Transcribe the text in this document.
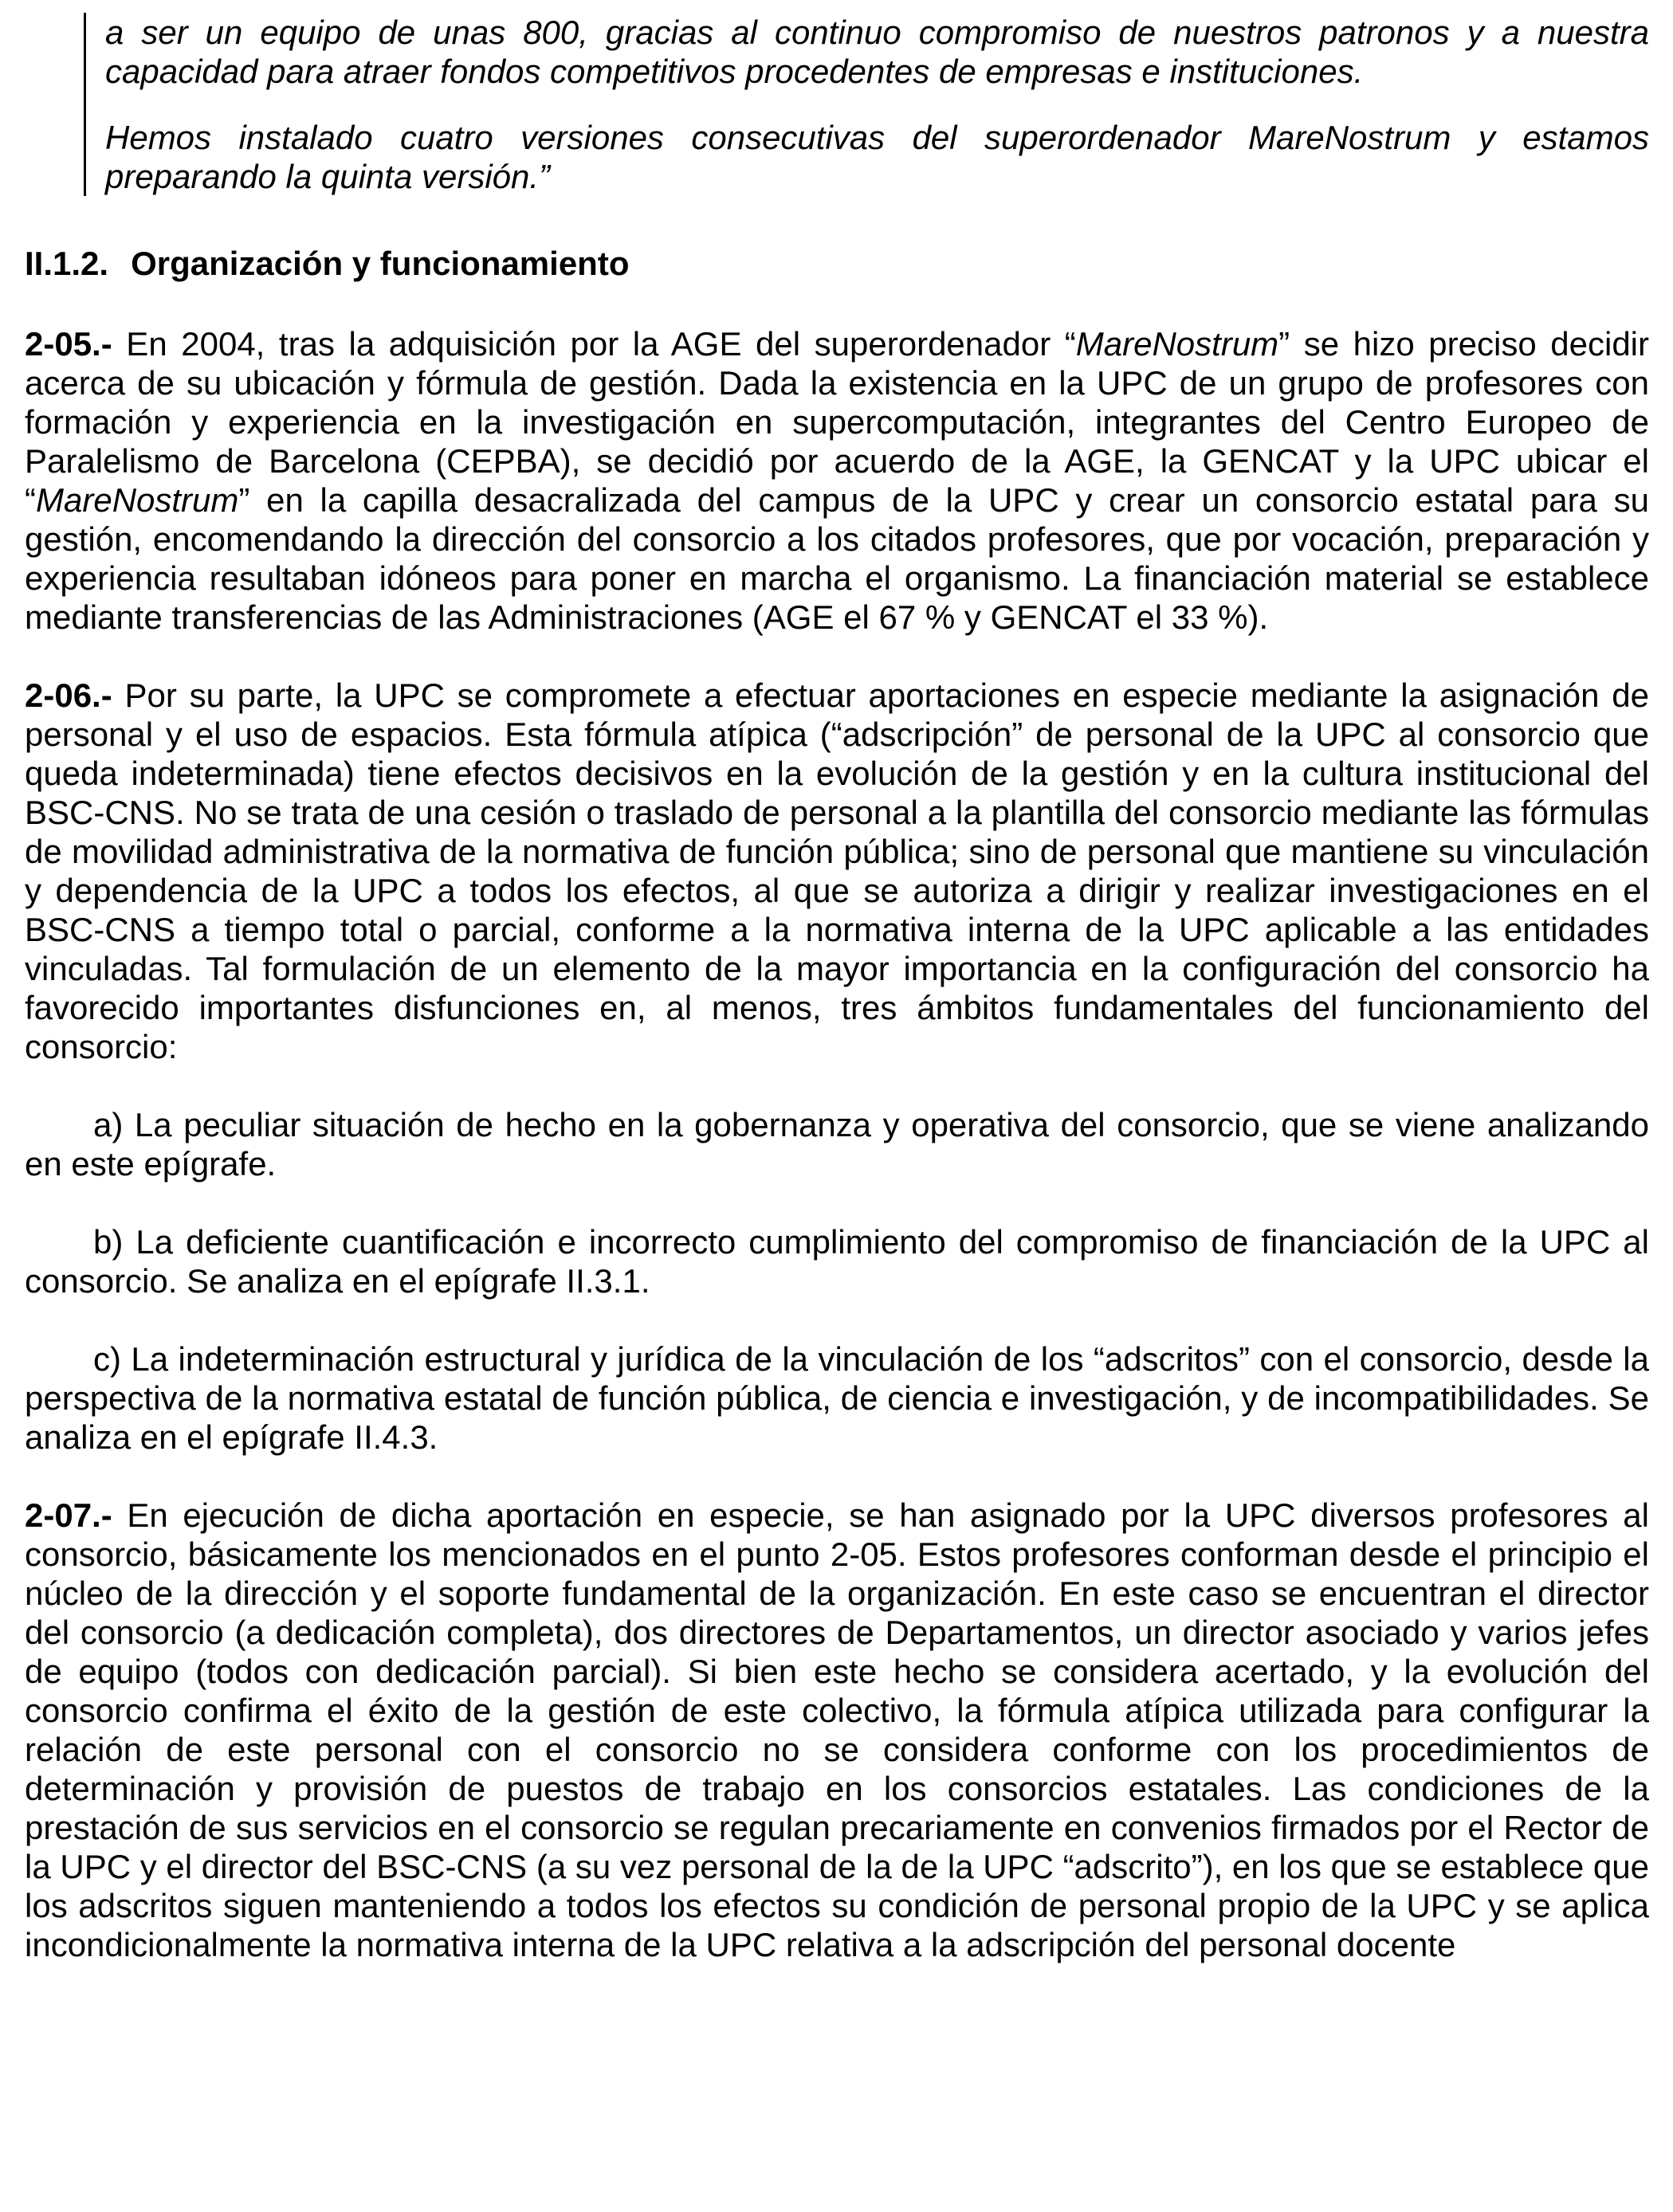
a ser un equipo de unas 800, gracias al continuo compromiso de nuestros patronos y a nuestra capacidad para atraer fondos competitivos procedentes de empresas e instituciones.

Hemos instalado cuatro versiones consecutivas del superordenador MareNostrum y estamos preparando la quinta versión.”

II.1.2. Organización y funcionamiento

2-05.- En 2004, tras la adquisición por la AGE del superordenador “MareNostrum” se hizo preciso decidir acerca de su ubicación y fórmula de gestión. Dada la existencia en la UPC de un grupo de profesores con formación y experiencia en la investigación en supercomputación, integrantes del Centro Europeo de Paralelismo de Barcelona (CEPBA), se decidió por acuerdo de la AGE, la GENCAT y la UPC ubicar el “MareNostrum” en la capilla desacralizada del campus de la UPC y crear un consorcio estatal para su gestión, encomendando la dirección del consorcio a los citados profesores, que por vocación, preparación y experiencia resultaban idóneos para poner en marcha el organismo. La financiación material se establece mediante transferencias de las Administraciones (AGE el 67 % y GENCAT el 33 %).

2-06.- Por su parte, la UPC se compromete a efectuar aportaciones en especie mediante la asignación de personal y el uso de espacios. Esta fórmula atípica (“adscripción” de personal de la UPC al consorcio que queda indeterminada) tiene efectos decisivos en la evolución de la gestión y en la cultura institucional del BSC-CNS. No se trata de una cesión o traslado de personal a la plantilla del consorcio mediante las fórmulas de movilidad administrativa de la normativa de función pública; sino de personal que mantiene su vinculación y dependencia de la UPC a todos los efectos, al que se autoriza a dirigir y realizar investigaciones en el BSC-CNS a tiempo total o parcial, conforme a la normativa interna de la UPC aplicable a las entidades vinculadas. Tal formulación de un elemento de la mayor importancia en la configuración del consorcio ha favorecido importantes disfunciones en, al menos, tres ámbitos fundamentales del funcionamiento del consorcio:

a) La peculiar situación de hecho en la gobernanza y operativa del consorcio, que se viene analizando en este epígrafe.

b) La deficiente cuantificación e incorrecto cumplimiento del compromiso de financiación de la UPC al consorcio. Se analiza en el epígrafe II.3.1.

c) La indeterminación estructural y jurídica de la vinculación de los “adscritos” con el consorcio, desde la perspectiva de la normativa estatal de función pública, de ciencia e investigación, y de incompatibilidades. Se analiza en el epígrafe II.4.3.

2-07.- En ejecución de dicha aportación en especie, se han asignado por la UPC diversos profesores al consorcio, básicamente los mencionados en el punto 2-05. Estos profesores conforman desde el principio el núcleo de la dirección y el soporte fundamental de la organización. En este caso se encuentran el director del consorcio (a dedicación completa), dos directores de Departamentos, un director asociado y varios jefes de equipo (todos con dedicación parcial). Si bien este hecho se considera acertado, y la evolución del consorcio confirma el éxito de la gestión de este colectivo, la fórmula atípica utilizada para configurar la relación de este personal con el consorcio no se considera conforme con los procedimientos de determinación y provisión de puestos de trabajo en los consorcios estatales. Las condiciones de la prestación de sus servicios en el consorcio se regulan precariamente en convenios firmados por el Rector de la UPC y el director del BSC-CNS (a su vez personal de la de la UPC “adscrito”), en los que se establece que los adscritos siguen manteniendo a todos los efectos su condición de personal propio de la UPC y se aplica incondicionalmente la normativa interna de la UPC relativa a la adscripción del personal docente
